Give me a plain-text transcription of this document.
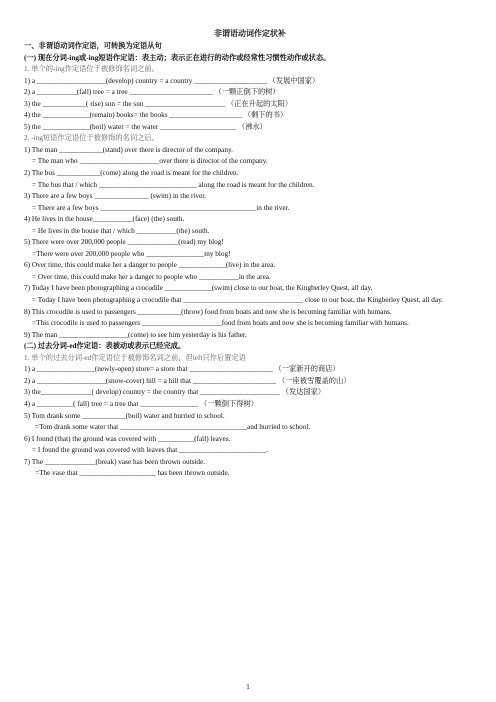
非谓语动词作定状补
一、非谓语动词作定语，可转换为定语从句
(一) 现在分词-ing或-ing短语作定语：表主动；表示正在进行的动作或经常性习惯性动作或状态。
1. 单个的-ing作定语位于被修饰名词之前。
1) a ___________________(develop) country = a country ____________________ （发展中国家）
2) a ___________(fall) tree = a tree _______________________ （一颗正倒下的树）
3) the ____________( rise) sun = the sun ______________________ （正在升起的太阳）
4) the _____________(remain) books= the books ____________________ （剩下的书）
5) the _____________(boil) water = the water _____________________ （沸水）
2. -ing短语作定语位于被修饰的名词之后。
1) The man ____________(stand) over there is director of the company.
= The man who ______________________over there is director of the company.
2) The bus ____________(come) along the road is meant for the children.
= The bus that / which ___________________________ along the road is meant for the children.
3) There are a few boys _______________ (swim) in the river.
= There are a few boys ___________________________________________in the river.
4) He lives in the house___________(face) (the) south.
= He lives in the house that / which ___________(the) south.
5) There were over 200,000 people ______________(read) my blog!
=There were over 200,000 people who ________________my blog!
6) Over time, this could make her a danger to people _____________(live) in the area.
= Over time, this could make her a danger to people who ___________in the area.
7) Today I have been photographing a crocodile _____________(swim) close to our boat, the Kingberley Quest, all day.
= Today I have been photographing a crocodile that _________________________________ close to our boat, the Kingberley Quest, all day.
8) This crocodile is used to passengers ____________(throw) food from boats and now she is becoming familiar with humans.
=This crocodile is used to passengers ______________________food from boats and now she is becoming familiar with humans.
9) The man ___________________(come) to see him yesterday is his father.
(二) 过去分词-ed作定语：表被动或表示已经完成。
1. 单个的过去分词-ed作定语位于被修饰名词之前，但left只作后置定语
1) a ________________(newly-open) store= a store that _______________________ （一家新开的商店）
2) a ___________________(snow-cover) hill = a hill that _______________________ （一座被雪覆盖的山）
3) the______________( develop) country = the country that ______________________ （发达国家）
4) a __________( fall) tree = a tree that ________________ （一颗倒下得树）
5) Tom drank some ____________(boil) water and hurried to school.
=Tom drank some water that ___________________________________and hurried to school.
6) I found (that) the ground was covered with __________(fall) leaves.
= I found the ground was covered with leaves that ________________________.
7) The ______________(break) vase has been thrown outside.
=The vase that _____________________ has been thrown outside.
1
